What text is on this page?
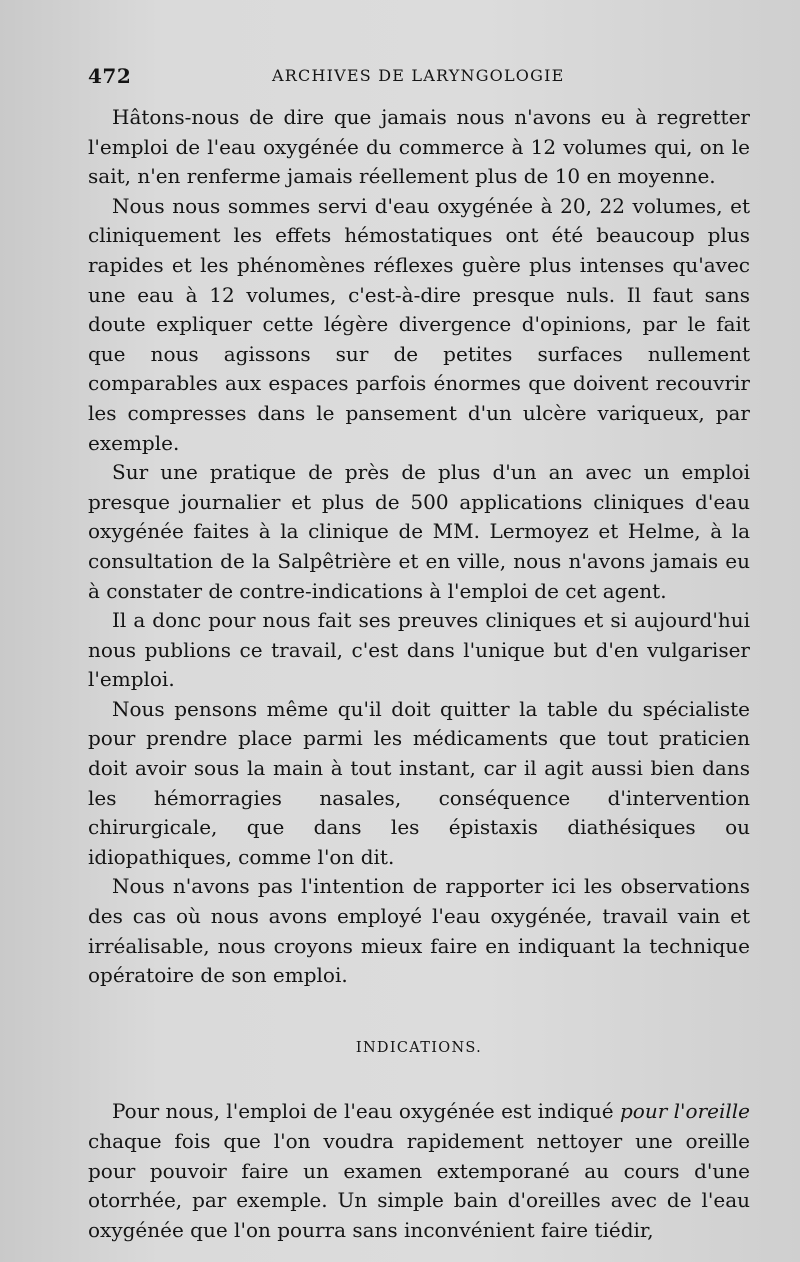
472	ARCHIVES DE LARYNGOLOGIE

Hâtons-nous de dire que jamais nous n'avons eu à regretter l'emploi de l'eau oxygénée du commerce à 12 volumes qui, on le sait, n'en renferme jamais réellement plus de 10 en moyenne.

Nous nous sommes servi d'eau oxygénée à 20, 22 volumes, et cliniquement les effets hémostatiques ont été beaucoup plus rapides et les phénomènes réflexes guère plus intenses qu'avec une eau à 12 volumes, c'est-à-dire presque nuls. Il faut sans doute expliquer cette légère divergence d'opinions, par le fait que nous agissons sur de petites surfaces nullement comparables aux espaces parfois énormes que doivent recouvrir les compresses dans le pansement d'un ulcère variqueux, par exemple.

Sur une pratique de près de plus d'un an avec un emploi presque journalier et plus de 500 applications cliniques d'eau oxygénée faites à la clinique de MM. Lermoyez et Helme, à la consultation de la Salpêtrière et en ville, nous n'avons jamais eu à constater de contre-indications à l'emploi de cet agent.

Il a donc pour nous fait ses preuves cliniques et si aujourd'hui nous publions ce travail, c'est dans l'unique but d'en vulgariser l'emploi.

Nous pensons même qu'il doit quitter la table du spécialiste pour prendre place parmi les médicaments que tout praticien doit avoir sous la main à tout instant, car il agit aussi bien dans les hémorragies nasales, conséquence d'intervention chirurgicale, que dans les épistaxis diathésiques ou idiopathiques, comme l'on dit.

Nous n'avons pas l'intention de rapporter ici les observations des cas où nous avons employé l'eau oxygénée, travail vain et irréalisable, nous croyons mieux faire en indiquant la technique opératoire de son emploi.

INDICATIONS.

Pour nous, l'emploi de l'eau oxygénée est indiqué pour l'oreille chaque fois que l'on voudra rapidement nettoyer une oreille pour pouvoir faire un examen extemporané au cours d'une otorrhée, par exemple. Un simple bain d'oreilles avec de l'eau oxygénée que l'on pourra sans inconvénient faire tiédir,
